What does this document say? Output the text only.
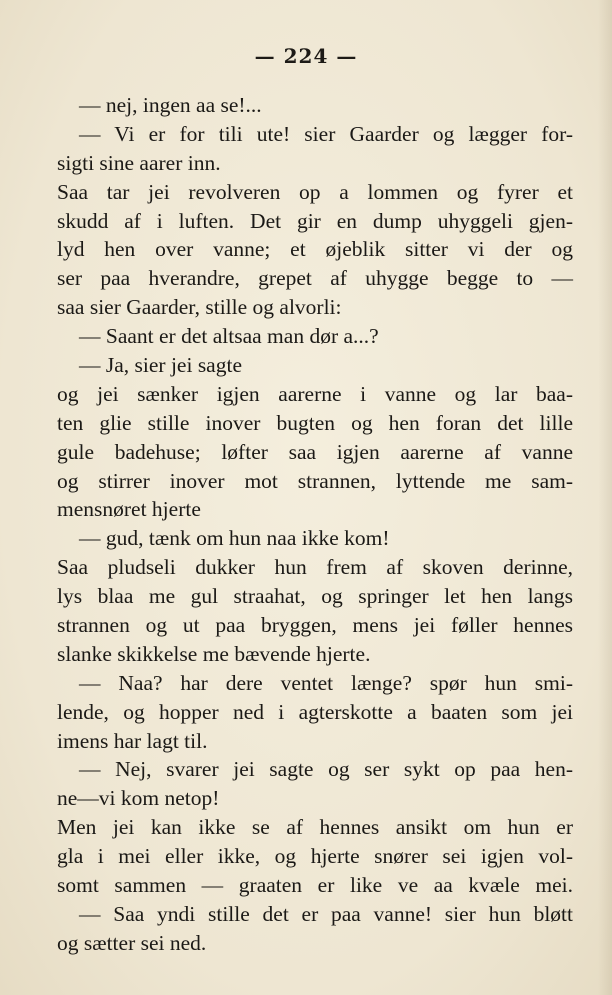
— 224 —
— nej, ingen aa se!...
— Vi er for tili ute! sier Gaarder og lægger for-
sigti sine aarer inn.
Saa tar jei revolveren op a lommen og fyrer et
skudd af i luften. Det gir en dump uhyggeli gjen-
lyd hen over vanne; et øjeblik sitter vi der og
ser paa hverandre, grepet af uhygge begge to —
saa sier Gaarder, stille og alvorli:
— Saant er det altsaa man dør a...?
— Ja, sier jei sagte
og jei sænker igjen aarerne i vanne og lar baa-
ten glie stille inover bugten og hen foran det lille
gule badehuse; løfter saa igjen aarerne af vanne
og stirrer inover mot strannen, lyttende me sam-
mensnøret hjerte
— gud, tænk om hun naa ikke kom!
Saa pludseli dukker hun frem af skoven derinne,
lys blaa me gul straahat, og springer let hen langs
strannen og ut paa bryggen, mens jei føller hennes
slanke skikkelse me bævende hjerte.
— Naa? har dere ventet længe? spør hun smi-
lende, og hopper ned i agterskotte a baaten som jei
imens har lagt til.
— Nej, svarer jei sagte og ser sykt op paa hen-
ne—vi kom netop!
Men jei kan ikke se af hennes ansikt om hun er
gla i mei eller ikke, og hjerte snører sei igjen vol-
somt sammen — graaten er like ve aa kvæle mei.
— Saa yndi stille det er paa vanne! sier hun bløtt
og sætter sei ned.
